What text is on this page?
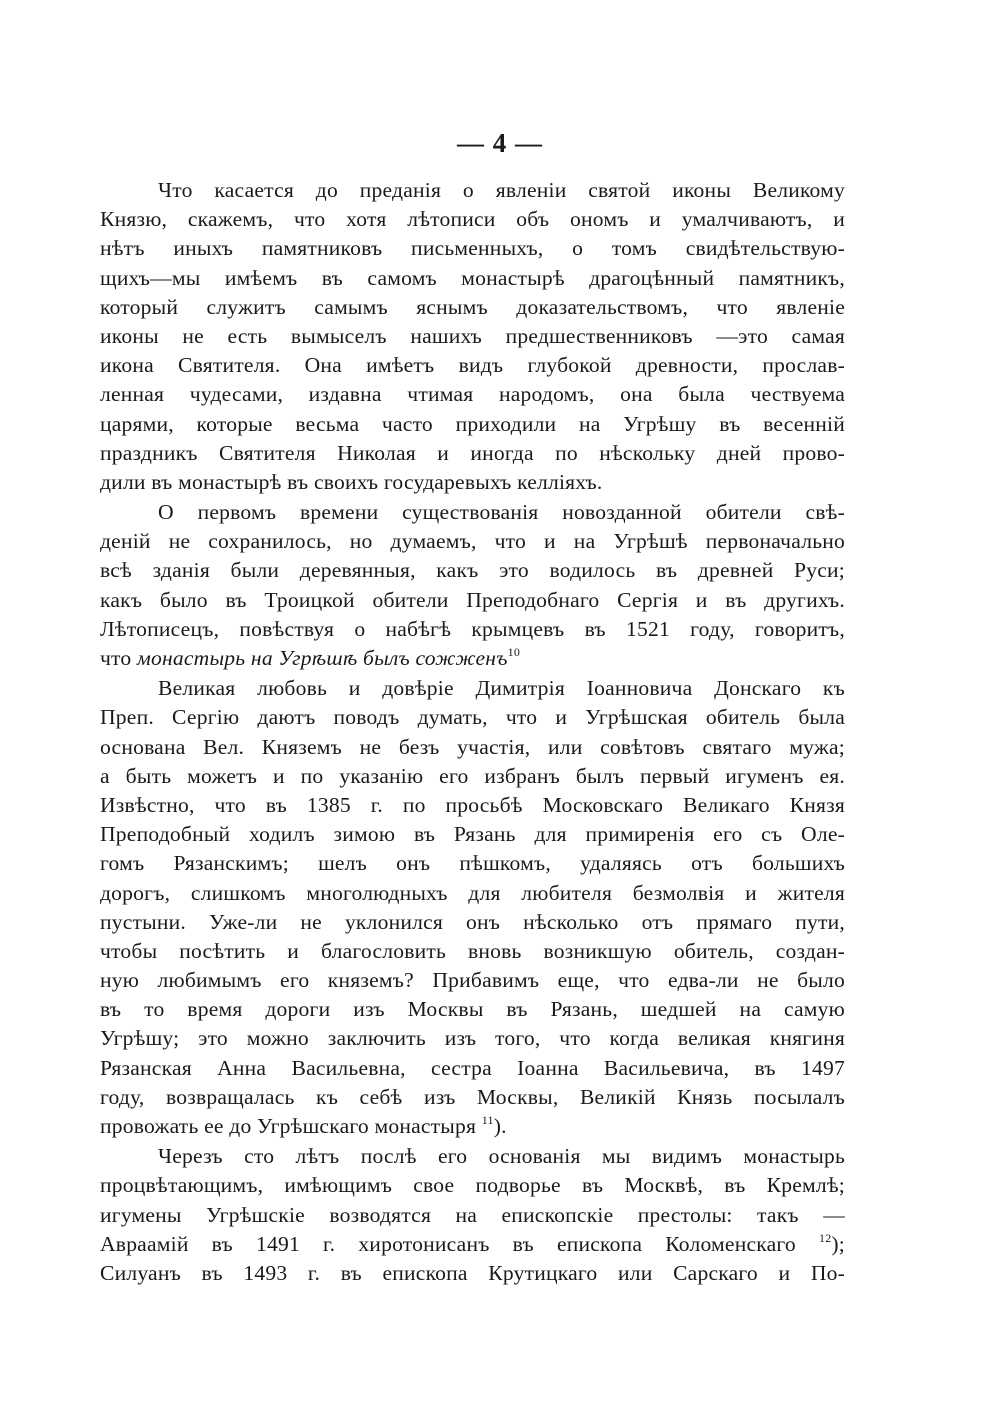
— 4 —
Что касается до преданія о явленіи святой иконы Великому
Князю, скажемъ, что хотя лѣтописи объ ономъ и умалчиваютъ, и
нѣтъ иныхъ памятниковъ письменныхъ, о томъ свидѣтельствую-
щихъ—мы имѣемъ въ самомъ монастырѣ драгоцѣнный памятникъ,
который служитъ самымъ яснымъ доказательствомъ, что явленіе
иконы не есть вымыселъ нашихъ предшественниковъ —это самая
икона Святителя. Она имѣетъ видъ глубокой древности, прослав-
ленная чудесами, издавна чтимая народомъ, она была чествуема
царями, которые весьма часто приходили на Угрѣшу въ весенній
праздникъ Святителя Николая и иногда по нѣскольку дней прово-
дили въ монастырѣ въ своихъ государевыхъ келліяхъ.
О первомъ времени существованія новозданной обители свѣ-
деній не сохранилось, но думаемъ, что и на Угрѣшѣ первоначально
всѣ зданія были деревянныя, какъ это водилось въ древней Руси;
какъ было въ Троицкой обители Преподобнаго Сергія и въ другихъ.
Лѣтописецъ, повѣствуя о набѣгѣ крымцевъ въ 1521 году, говоритъ,
что монастырь на Угрѣшѣ былъ сожженъ$^{10}$
Великая любовь и довѣріе Димитрія Іоанновича Донскаго къ
Преп. Сергію даютъ поводъ думать, что и Угрѣшская обитель была
основана Вел. Княземъ не безъ участія, или совѣтовъ святаго мужа;
а быть можетъ и по указанію его избранъ былъ первый игуменъ ея.
Извѣстно, что въ 1385 г. по просьбѣ Московскаго Великаго Князя
Преподобный ходилъ зимою въ Рязань для примиренія его съ Оле-
гомъ Рязанскимъ; шелъ онъ пѣшкомъ, удаляясь отъ большихъ
дорогъ, слишкомъ многолюдныхъ для любителя безмолвія и жителя
пустыни. Уже-ли не уклонился онъ нѣсколько отъ прямаго пути,
чтобы посѣтить и благословить вновь возникшую обитель, создан-
ную любимымъ его княземъ? Прибавимъ еще, что едва-ли не было
въ то время дороги изъ Москвы въ Рязань, шедшей на самую
Угрѣшу; это можно заключить изъ того, что когда великая княгиня
Рязанская Анна Васильевна, сестра Іоанна Васильевича, въ 1497
году, возвращалась къ себѣ изъ Москвы, Великій Князь посылалъ
провожать ее до Угрѣшскаго монастыря $^{11}$).
Черезъ сто лѣтъ послѣ его основанія мы видимъ монастырь
процвѣтающимъ, имѣющимъ свое подворье въ Москвѣ, въ Кремлѣ;
игумены Угрѣшскіе возводятся на епископскіе престолы: такъ —
Авраамій въ 1491 г. хиротонисанъ въ епископа Коломенскаго $^{12}$);
Силуанъ въ 1493 г. въ епископа Крутицкаго или Сарскаго и По-
